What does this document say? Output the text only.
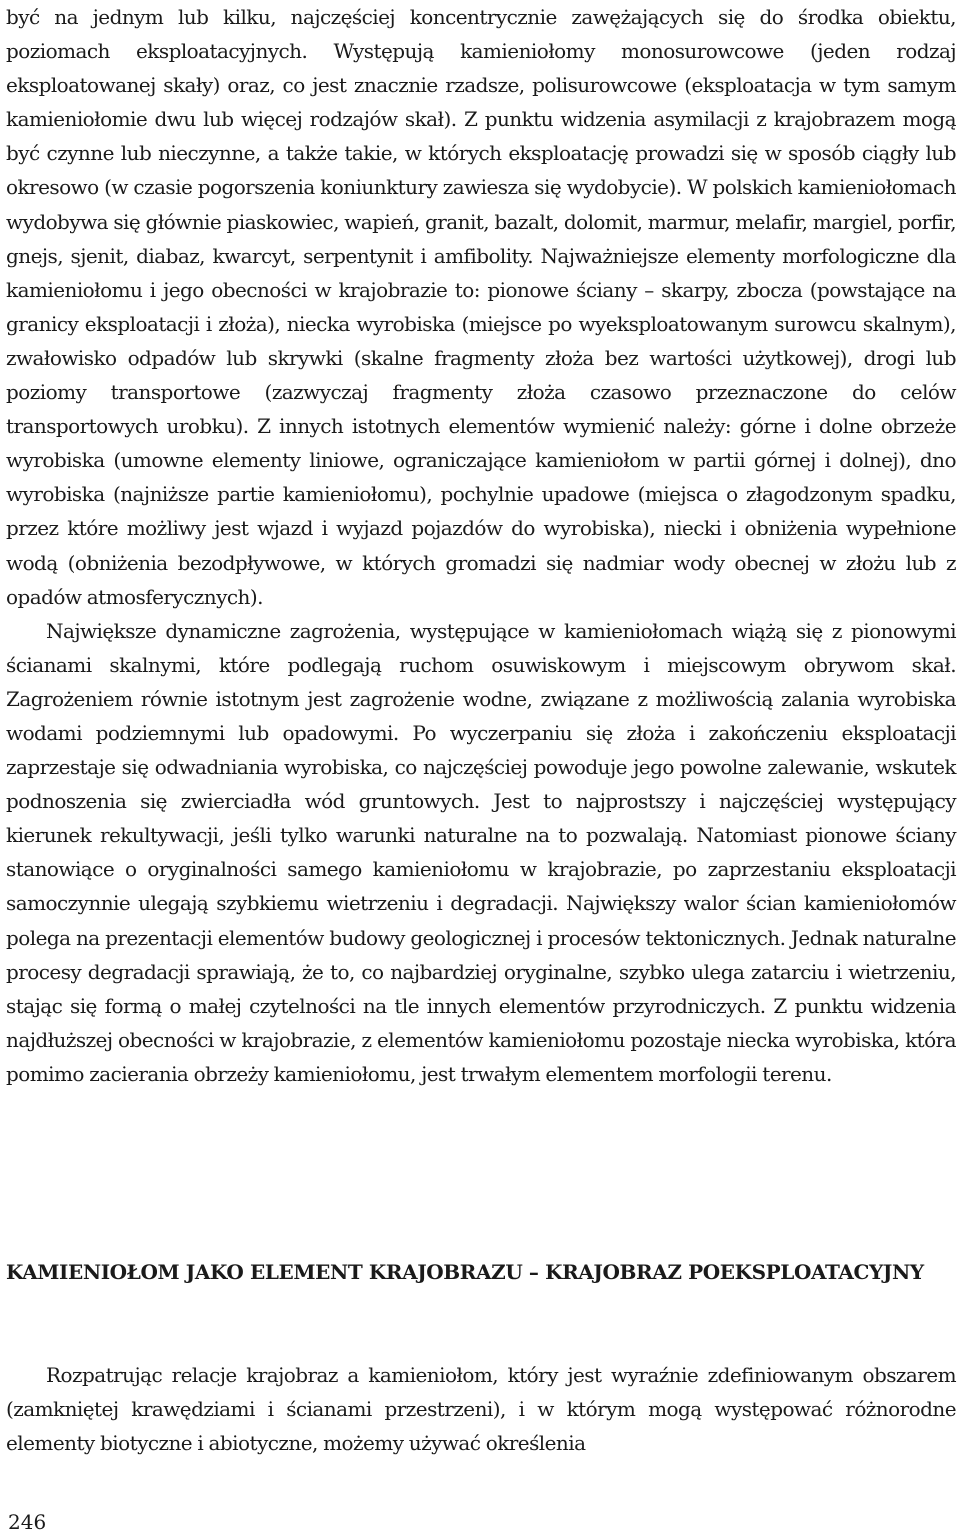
być na jednym lub kilku, najczęściej koncentrycznie zawężających się do środka obiektu, poziomach eksploatacyjnych. Występują kamieniołomy monosurowcowe (jeden rodzaj eksploatowanej skały) oraz, co jest znacznie rzadsze, polisurowcowe (eksploatacja w tym samym kamieniołomie dwu lub więcej rodzajów skał). Z punktu widzenia asymilacji z krajobrazem mogą być czynne lub nieczynne, a także takie, w których eksploatację prowadzi się w sposób ciągły lub okresowo (w czasie pogorszenia koniunktury zawiesza się wydobycie). W polskich kamieniołomach wydobywa się głównie piaskowiec, wapień, granit, bazalt, dolomit, marmur, melafir, margiel, porfir, gnejs, sjenit, diabaz, kwarcyt, serpentynit i amfibolity. Najważniejsze elementy morfologiczne dla kamieniołomu i jego obecności w krajobrazie to: pionowe ściany – skarpy, zbocza (powstające na granicy eksploatacji i złoża), niecka wyrobiska (miejsce po wyeksploatowanym surowcu skalnym), zwałowisko odpadów lub skrywki (skalne fragmenty złoża bez wartości użytkowej), drogi lub poziomy transportowe (zazwyczaj fragmenty złoża czasowo przeznaczone do celów transportowych urobku). Z innych istotnych elementów wymienić należy: górne i dolne obrzeże wyrobiska (umowne elementy liniowe, ograniczające kamieniołom w partii górnej i dolnej), dno wyrobiska (najniższe partie kamieniołomu), pochylnie upadowe (miejsca o złagodzonym spadku, przez które możliwy jest wjazd i wyjazd pojazdów do wyrobiska), niecki i obniżenia wypełnione wodą (obniżenia bezodpływowe, w których gromadzi się nadmiar wody obecnej w złożu lub z opadów atmosferycznych).

Największe dynamiczne zagrożenia, występujące w kamieniołomach wiążą się z pionowymi ścianami skalnymi, które podlegają ruchom osuwiskowym i miejscowym obrywom skał. Zagrożeniem równie istotnym jest zagrożenie wodne, związane z możliwością zalania wyrobiska wodami podziemnymi lub opadowymi. Po wyczerpaniu się złoża i zakończeniu eksploatacji zaprzestaje się odwadniania wyrobiska, co najczęściej powoduje jego powolne zalewanie, wskutek podnoszenia się zwierciadła wód gruntowych. Jest to najprostszy i najczęściej występujący kierunek rekultywacji, jeśli tylko warunki naturalne na to pozwalają. Natomiast pionowe ściany stanowiące o oryginalności samego kamieniołomu w krajobrazie, po zaprzestaniu eksploatacji samoczynnie ulegają szybkiemu wietrzeniu i degradacji. Największy walor ścian kamieniołomów polega na prezentacji elementów budowy geologicznej i procesów tektonicznych. Jednak naturalne procesy degradacji sprawiają, że to, co najbardziej oryginalne, szybko ulega zatarciu i wietrzeniu, stając się formą o małej czytelności na tle innych elementów przyrodniczych. Z punktu widzenia najdłuższej obecności w krajobrazie, z elementów kamieniołomu pozostaje niecka wyrobiska, która pomimo zacierania obrzeży kamieniołomu, jest trwałym elementem morfologii terenu.

KAMIENIOŁOM JAKO ELEMENT KRAJOBRAZU – KRAJOBRAZ POEKSPLOATACYJNY

Rozpatrując relacje krajobraz a kamieniołom, który jest wyraźnie zdefiniowanym obszarem (zamkniętej krawędziami i ścianami przestrzeni), i w którym mogą występować różnorodne elementy biotyczne i abiotyczne, możemy używać określenia

246
